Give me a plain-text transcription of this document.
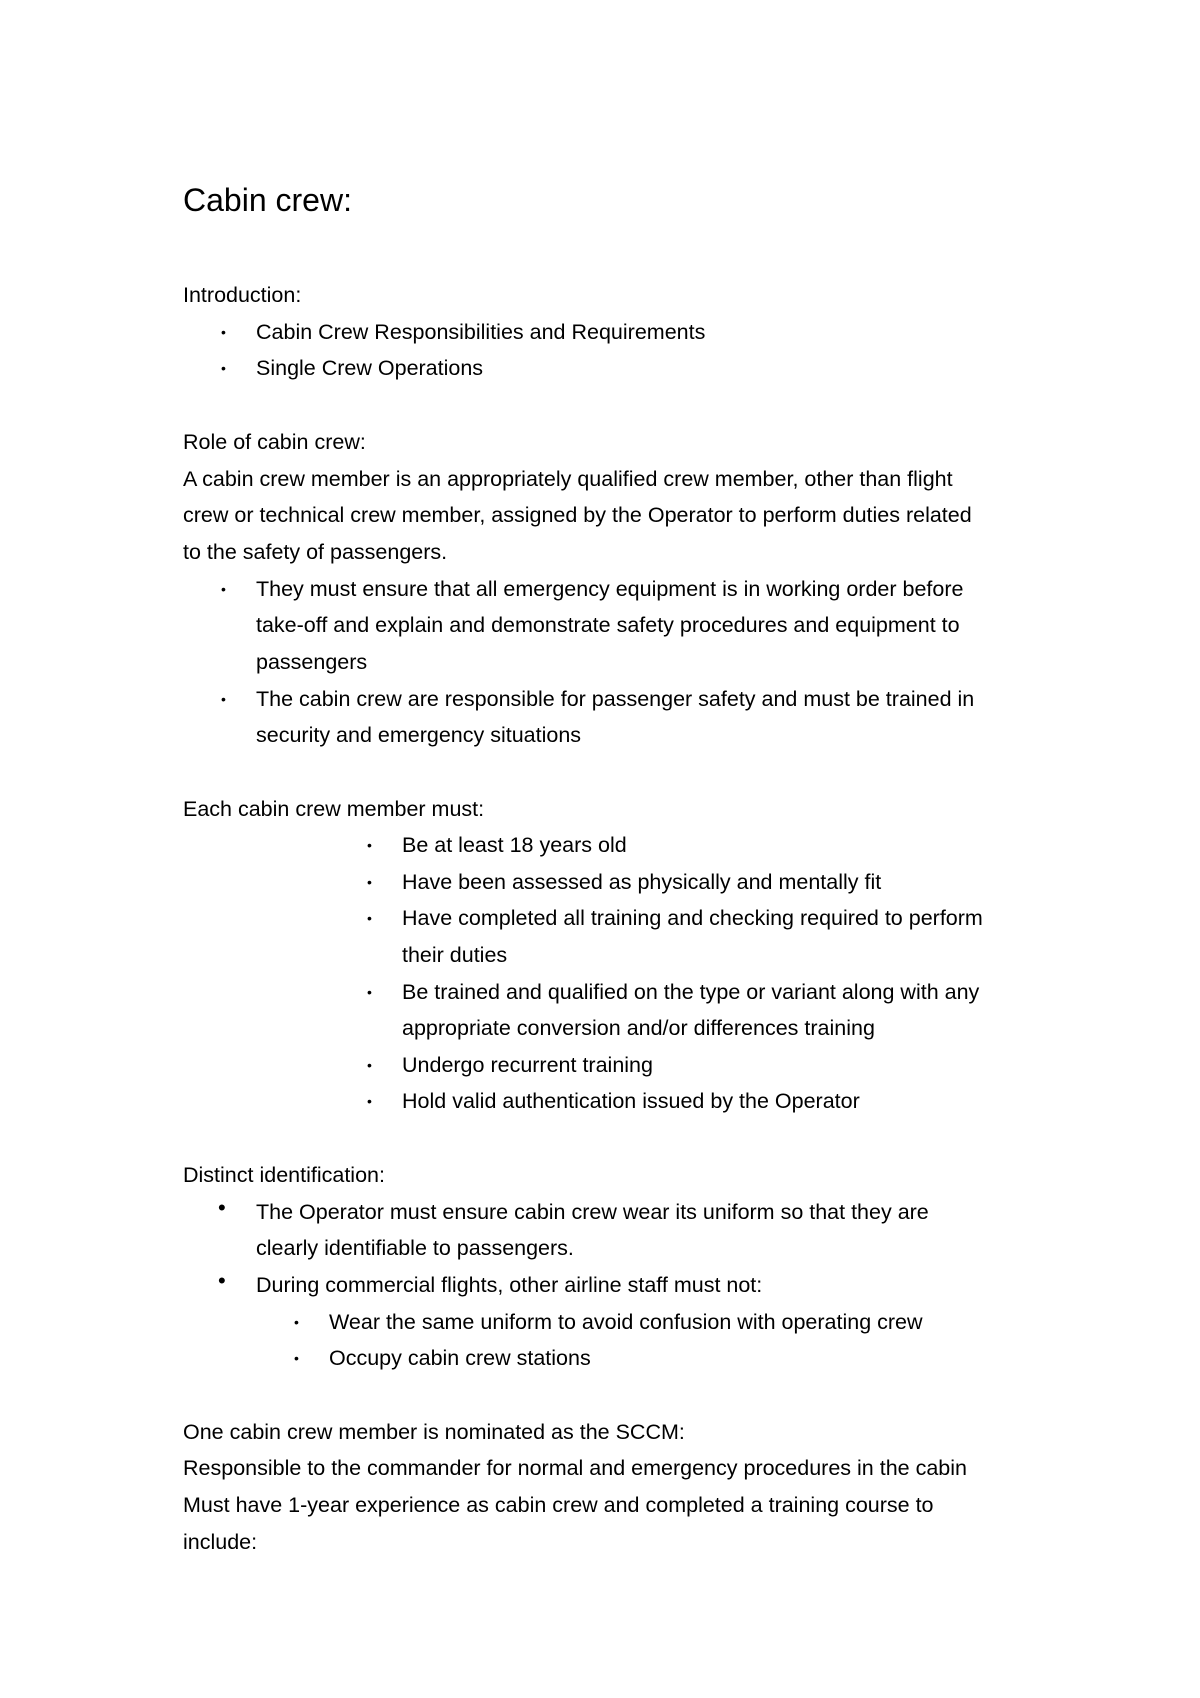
Cabin crew:
Introduction:
• Cabin Crew Responsibilities and Requirements
• Single Crew Operations
Role of cabin crew:
A cabin crew member is an appropriately qualified crew member, other than flight
crew or technical crew member, assigned by the Operator to perform duties related
to the safety of passengers.
• They must ensure that all emergency equipment is in working order before
take-off and explain and demonstrate safety procedures and equipment to
passengers
• The cabin crew are responsible for passenger safety and must be trained in
security and emergency situations
Each cabin crew member must:
• Be at least 18 years old
• Have been assessed as physically and mentally fit
• Have completed all training and checking required to perform
their duties
• Be trained and qualified on the type or variant along with any
appropriate conversion and/or differences training
• Undergo recurrent training
• Hold valid authentication issued by the Operator
Distinct identification:
• The Operator must ensure cabin crew wear its uniform so that they are
clearly identifiable to passengers.
• During commercial flights, other airline staff must not:
• Wear the same uniform to avoid confusion with operating crew
• Occupy cabin crew stations
One cabin crew member is nominated as the SCCM:
Responsible to the commander for normal and emergency procedures in the cabin
Must have 1-year experience as cabin crew and completed a training course to
include:
